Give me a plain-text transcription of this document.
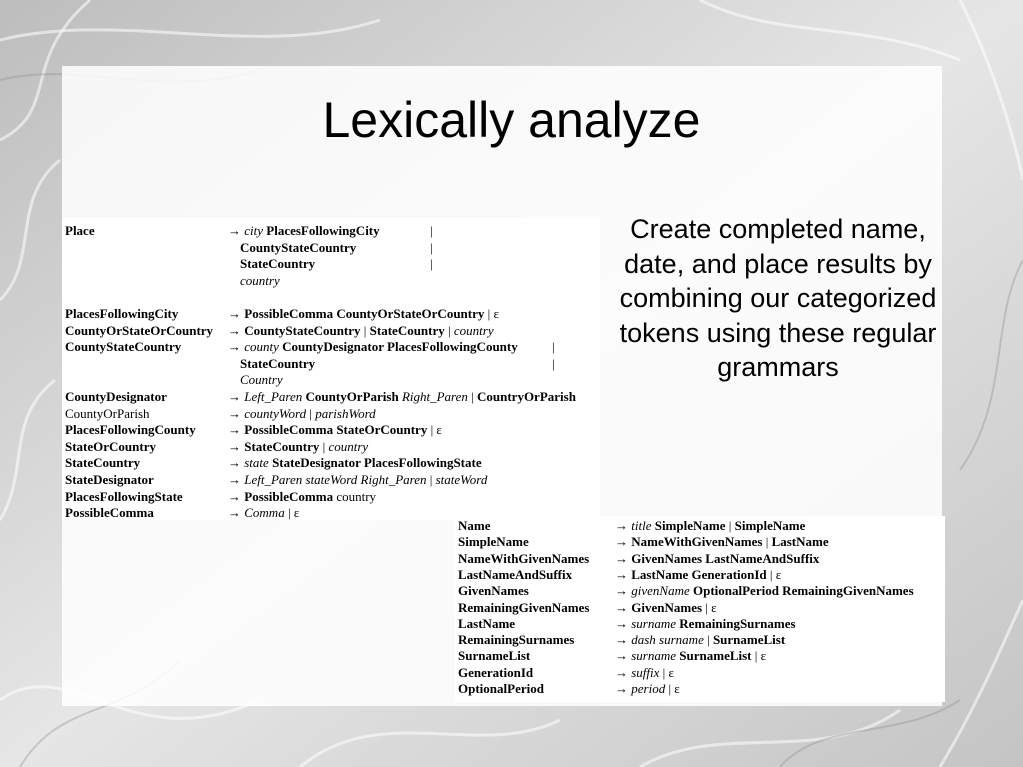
Lexically analyze
Create completed name, date, and place results by combining our categorized tokens using these regular grammars
Place	→ city PlacesFollowingCity	|
CountyStateCountry	|
StateCountry	|
country
PlacesFollowingCity	→ PossibleComma CountyOrStateOrCountry | ε
CountyOrStateOrCountry → CountyStateCountry | StateCountry | country
CountyStateCountry	→ county CountyDesignator PlacesFollowingCounty	|
StateCountry	|
Country
CountyDesignator	→ Left_Paren CountyOrParish Right_Paren | CountryOrParish
CountyOrParish	→ countyWord | parishWord
PlacesFollowingCounty → PossibleComma StateOrCountry | ε
StateOrCountry	→ StateCountry | country
StateCountry	→ state StateDesignator PlacesFollowingState
StateDesignator	→ Left_Paren stateWord Right_Paren | stateWord
PlacesFollowingState	→ PossibleComma country
PossibleComma	→ Comma | ε
Name	→ title SimpleName | SimpleName
SimpleName	→ NameWithGivenNames | LastName
NameWithGivenNames → GivenNames LastNameAndSuffix
LastNameAndSuffix	→ LastName GenerationId | ε
GivenNames	→ givenName OptionalPeriod RemainingGivenNames
RemainingGivenNames → GivenNames | ε
LastName	→ surname RemainingSurnames
RemainingSurnames	→ dash surname | SurnameList
SurnameList	→ surname SurnameList | ε
GenerationId	→ suffix | ε
OptionalPeriod	→ period | ε
